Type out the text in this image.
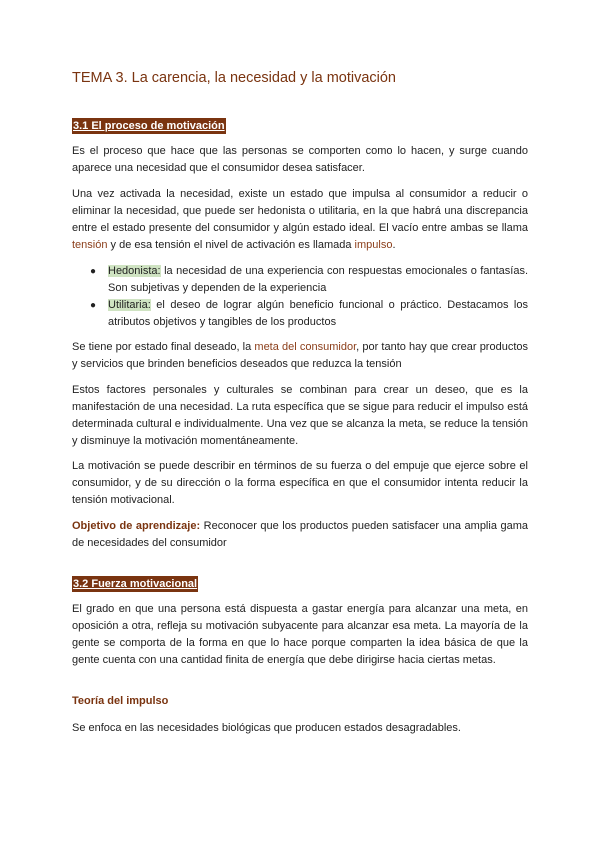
TEMA 3. La carencia, la necesidad y la motivación
3.1 El proceso de motivación
Es el proceso que hace que las personas se comporten como lo hacen, y surge cuando aparece una necesidad que el consumidor desea satisfacer.
Una vez activada la necesidad, existe un estado que impulsa al consumidor a reducir o eliminar la necesidad, que puede ser hedonista o utilitaria, en la que habrá una discrepancia entre el estado presente del consumidor y algún estado ideal. El vacío entre ambas se llama tensión y de esa tensión el nivel de activación es llamada impulso.
● Hedonista: la necesidad de una experiencia con respuestas emocionales o fantasías. Son subjetivas y dependen de la experiencia
● Utilitaria: el deseo de lograr algún beneficio funcional o práctico. Destacamos los atributos objetivos y tangibles de los productos
Se tiene por estado final deseado, la meta del consumidor, por tanto hay que crear productos y servicios que brinden beneficios deseados que reduzca la tensión
Estos factores personales y culturales se combinan para crear un deseo, que es la manifestación de una necesidad. La ruta específica que se sigue para reducir el impulso está determinada cultural e individualmente. Una vez que se alcanza la meta, se reduce la tensión y disminuye la motivación momentáneamente.
La motivación se puede describir en términos de su fuerza o del empuje que ejerce sobre el consumidor, y de su dirección o la forma específica en que el consumidor intenta reducir la tensión motivacional.
Objetivo de aprendizaje: Reconocer que los productos pueden satisfacer una amplia gama de necesidades del consumidor
3.2 Fuerza motivacional
El grado en que una persona está dispuesta a gastar energía para alcanzar una meta, en oposición a otra, refleja su motivación subyacente para alcanzar esa meta. La mayoría de la gente se comporta de la forma en que lo hace porque comparten la idea básica de que la gente cuenta con una cantidad finita de energía que debe dirigirse hacia ciertas metas.
Teoría del impulso
Se enfoca en las necesidades biológicas que producen estados desagradables.
